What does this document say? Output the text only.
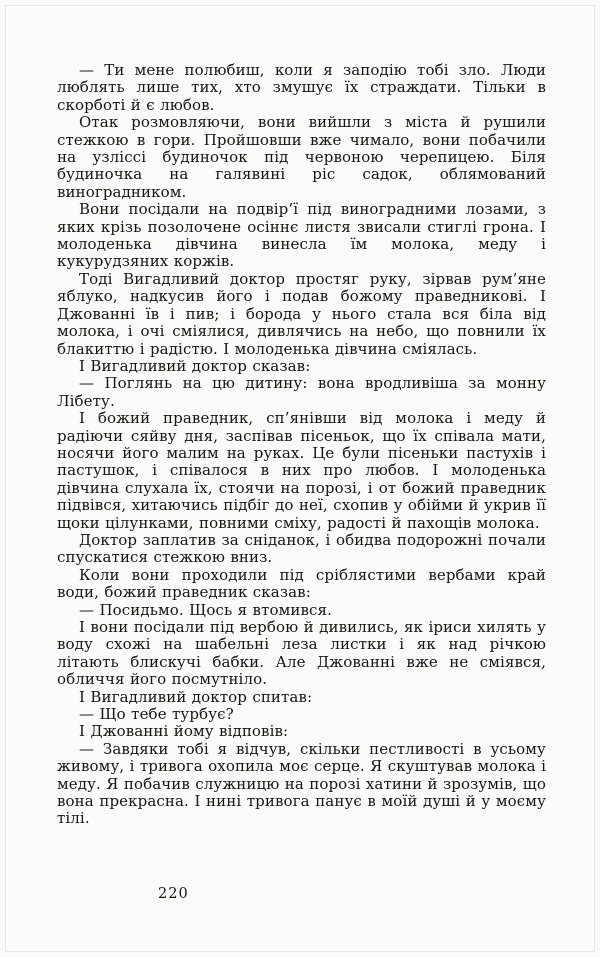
— Ти мене полюбиш, коли я заподію тобі зло. Люди люблять лише тих, хто змушує їх страждати. Тільки в скорботі й є любов.

Отак розмовляючи, вони вийшли з міста й рушили стежкою в гори. Пройшовши вже чимало, вони побачили на узліссі будиночок під червоною черепицею. Біля будиночка на галявині ріс садок, облямований виноградником.

Вони посідали на подвір’ї під виноградними лозами, з яких крізь позолочене осіннє листя звисали стиглі грона. І молоденька дівчина винесла їм молока, меду і кукурудзяних коржів.

Тоді Вигадливий доктор простяг руку, зірвав рум’яне яблуко, надкусив його і подав божому праведникові. І Джованні їв і пив; і борода у нього стала вся біла від молока, і очі сміялися, дивлячись на небо, що повнили їх блакиттю і радістю. І молоденька дівчина сміялась.

І Вигадливий доктор сказав:

— Поглянь на цю дитину: вона вродливіша за монну Лібету.

І божий праведник, сп’янівши від молока і меду й радіючи сяйву дня, заспівав пісеньок, що їх співала мати, носячи його малим на руках. Це були пісеньки пастухів і пастушок, і співалося в них про любов. І молоденька дівчина слухала їх, стоячи на порозі, і от божий праведник підвівся, хитаючись підбіг до неї, схопив у обійми й укрив її щоки цілунками, повними сміху, радості й пахощів молока.

Доктор заплатив за сніданок, і обидва подорожні почали спускатися стежкою вниз.

Коли вони проходили під сріблястими вербами край води, божий праведник сказав:

— Посидьмо. Щось я втомився.

І вони посідали під вербою й дивились, як іриси хилять у воду схожі на шабельні леза листки і як над річкою літають блискучі бабки. Але Джованні вже не сміявся, обличчя його посмутніло.

І Вигадливий доктор спитав:

— Що тебе турбує?

І Джованні йому відповів:

— Завдяки тобі я відчув, скільки пестливості в усьому живому, і тривога охопила моє серце. Я скуштував молока і меду. Я побачив служницю на порозі хатини й зрозумів, що вона прекрасна. І нині тривога панує в моїй душі й у моєму тілі.

220
